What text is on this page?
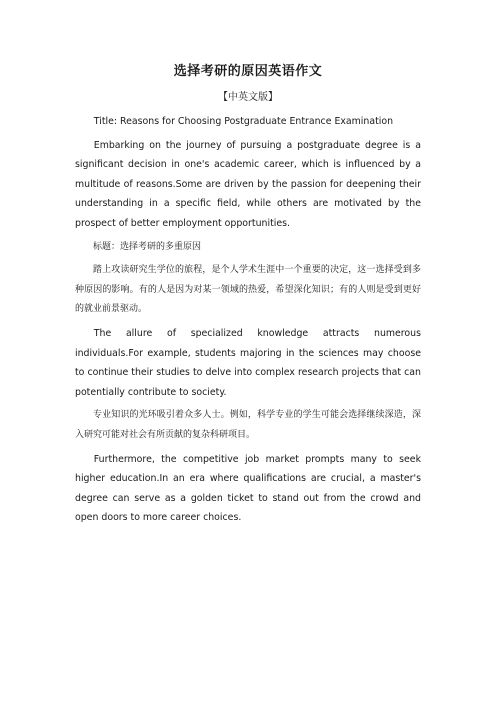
选择考研的原因英语作文
【中英文版】

Title: Reasons for Choosing Postgraduate Entrance Examination

Embarking on the journey of pursuing a postgraduate degree is a significant decision in one's academic career, which is influenced by a multitude of reasons.Some are driven by the passion for deepening their understanding in a specific field, while others are motivated by the prospect of better employment opportunities.

标题：选择考研的多重原因

踏上攻读研究生学位的旅程，是个人学术生涯中一个重要的决定，这一选择受到多种原因的影响。有的人是因为对某一领域的热爱，希望深化知识；有的人则是受到更好的就业前景驱动。

The allure of specialized knowledge attracts numerous individuals.For example, students majoring in the sciences may choose to continue their studies to delve into complex research projects that can potentially contribute to society.

专业知识的光环吸引着众多人士。例如，科学专业的学生可能会选择继续深造，深入研究可能对社会有所贡献的复杂科研项目。

Furthermore, the competitive job market prompts many to seek higher education.In an era where qualifications are crucial, a master's degree can serve as a golden ticket to stand out from the crowd and open doors to more career choices.
